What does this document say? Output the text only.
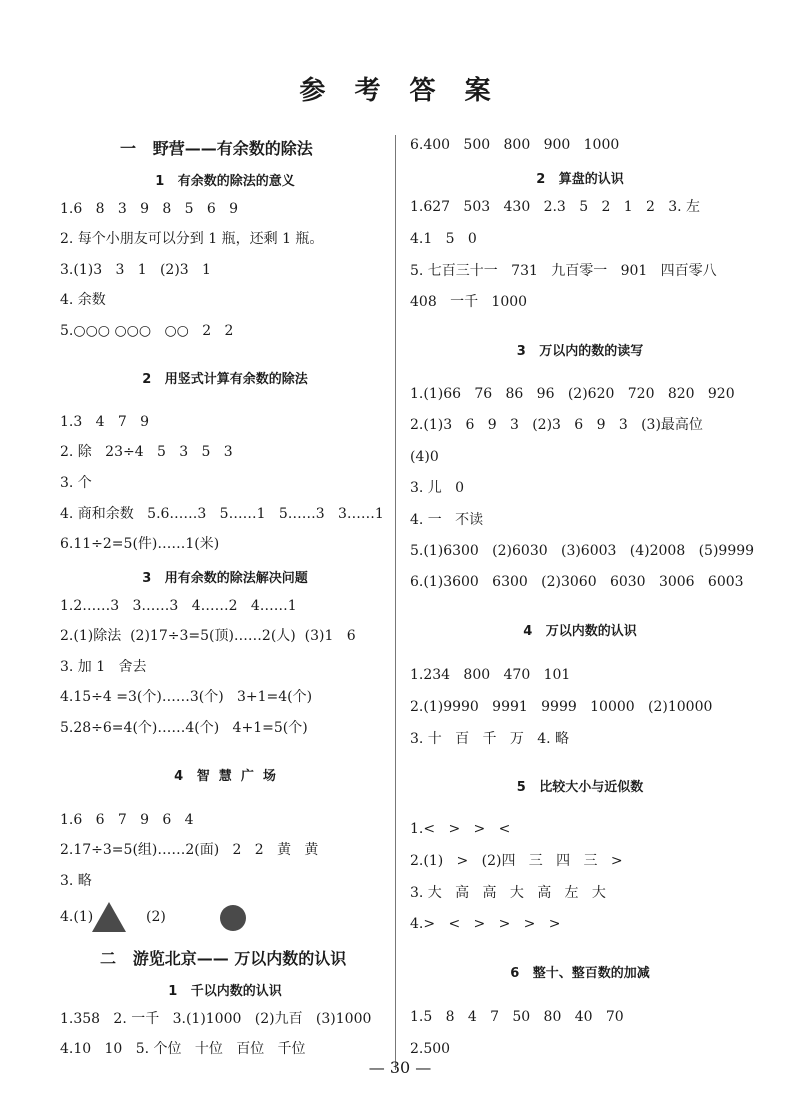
参 考 答 案
一   野营——有余数的除法
1   有余数的除法的意义
1.6   8   3   9   8   5   6   9
2. 每个小朋友可以分到 1 瓶，还剩 1 瓶。
3.(1)3   3   1   (2)3   1
4. 余数
5.○○○ ○○○   ○○   2   2
2   用竖式计算有余数的除法
1.3   4   7   9
2. 除   23÷4   5   3   5   3
3. 个
4. 商和余数   5.6……3   5……1   5……3   3……1
6.11÷2=5(件)……1(米)
3   用有余数的除法解决问题
1.2……3   3……3   4……2   4……1
2.(1)除法  (2)17÷3=5(顶)……2(人)  (3)1   6
3. 加 1   舍去
4.15÷4 =3(个)……3(个)   3+1=4(个)
5.28÷6=4(个)……4(个)   4+1=5(个)
4   智  慧  广  场
1.6   6   7   9   6   4
2.17÷3=5(组)……2(面)   2   2   黄   黄
3. 略
4.(1)	(2)
二   游览北京—— 万以内数的认识
1   千以内数的认识
1.358   2. 一千   3.(1)1000   (2)九百   (3)1000
4.10   10   5. 个位   十位   百位   千位
6.400   500   800   900   1000
2   算盘的认识
1.627   503   430   2.3   5   2   1   2   3. 左
4.1   5   0
5. 七百三十一   731   九百零一   901   四百零八
408   一千   1000
3   万以内的数的读写
1.(1)66   76   86   96   (2)620   720   820   920
2.(1)3   6   9   3   (2)3   6   9   3   (3)最高位
(4)0
3. 儿   0
4. 一   不读
5.(1)6300   (2)6030   (3)6003   (4)2008   (5)9999
6.(1)3600   6300   (2)3060   6030   3006   6003
4   万以内数的认识
1.234   800   470   101
2.(1)9990   9991   9999   10000   (2)10000
3. 十   百   千   万   4. 略
5   比较大小与近似数
1.<   >   >   <
2.(1)   >   (2)四   三   四   三   >
3. 大   高   高   大   高   左   大
4.>   <   >   >   >   >
6   整十、整百数的加减
1.5   8   4   7   50   80   40   70
2.500
— 30 —
